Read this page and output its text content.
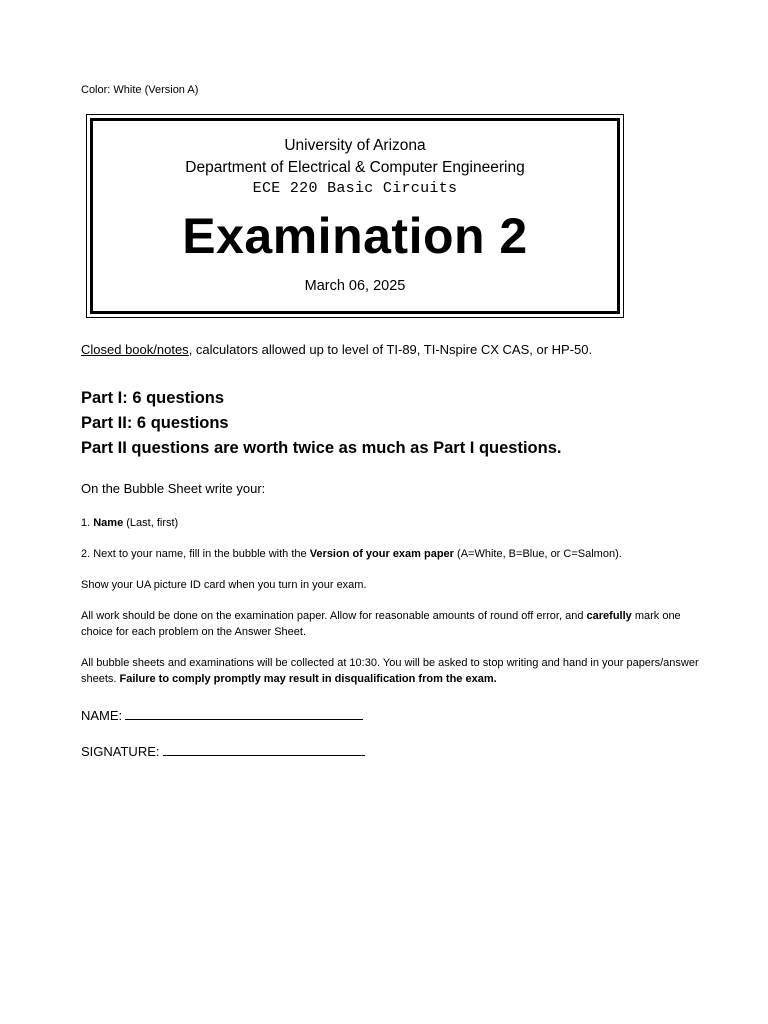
Color: White (Version A)
University of Arizona
Department of Electrical & Computer Engineering
ECE 220 Basic Circuits
Examination 2
March 06, 2025
Closed book/notes, calculators allowed up to level of TI-89, TI-Nspire CX CAS, or HP-50.
Part I: 6 questions
Part II: 6 questions
Part II questions are worth twice as much as Part I questions.
On the Bubble Sheet write your:
1. Name (Last, first)
2. Next to your name, fill in the bubble with the Version of your exam paper (A=White, B=Blue, or C=Salmon).
Show your UA picture ID card when you turn in your exam.
All work should be done on the examination paper. Allow for reasonable amounts of round off error, and carefully mark one choice for each problem on the Answer Sheet.
All bubble sheets and examinations will be collected at 10:30. You will be asked to stop writing and hand in your papers/answer sheets. Failure to comply promptly may result in disqualification from the exam.
NAME:
SIGNATURE:
